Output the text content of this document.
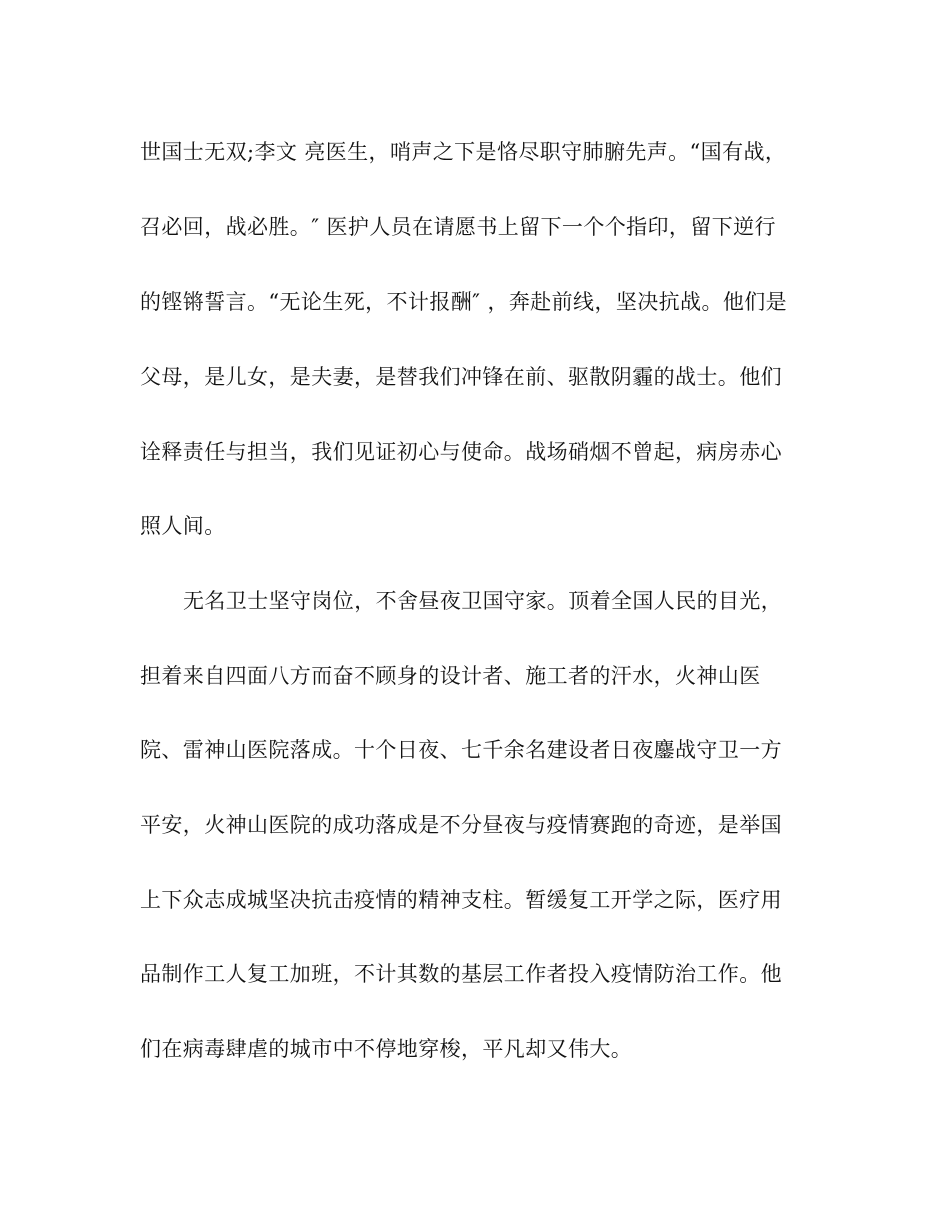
世国士无双;李文 亮医生，哨声之下是恪尽职守肺腑先声。“国有战，
召必回，战必胜。″ 医护人员在请愿书上留下一个个指印，留下逆行
的铿锵誓言。“无论生死，不计报酬″ ，奔赴前线，坚决抗战。他们是
父母，是儿女，是夫妻，是替我们冲锋在前、驱散阴霾的战士。他们
诠释责任与担当，我们见证初心与使命。战场硝烟不曾起，病房赤心
照人间。
无名卫士坚守岗位，不舍昼夜卫国守家。顶着全国人民的目光，
担着来自四面八方而奋不顾身的设计者、施工者的汗水，火神山医
院、雷神山医院落成。十个日夜、七千余名建设者日夜鏖战守卫一方
平安，火神山医院的成功落成是不分昼夜与疫情赛跑的奇迹，是举国
上下众志成城坚决抗击疫情的精神支柱。暂缓复工开学之际，医疗用
品制作工人复工加班，不计其数的基层工作者投入疫情防治工作。他
们在病毒肆虐的城市中不停地穿梭，平凡却又伟大。
